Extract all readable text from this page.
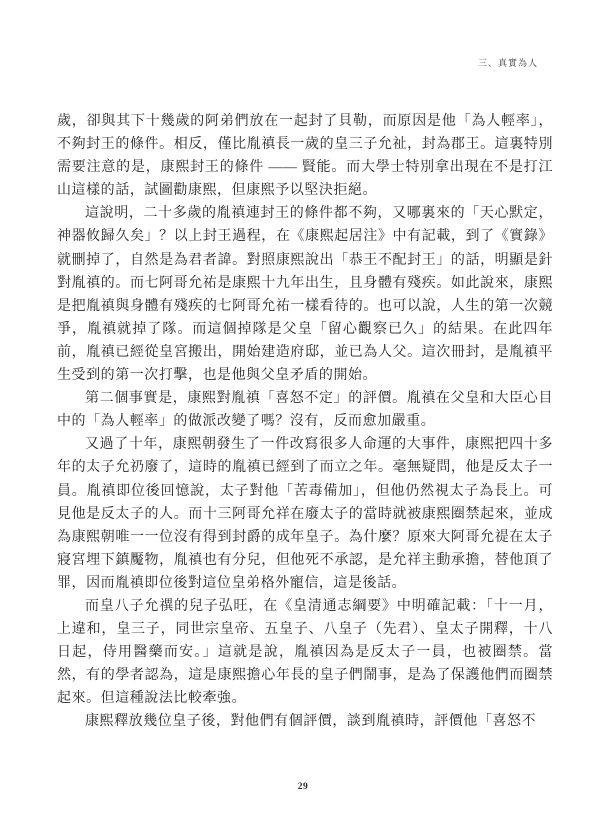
三、真實為人

歲，卻與其下十幾歲的阿弟們放在一起封了貝勒，而原因是他「為人輕率」，不夠封王的條件。相反，僅比胤禛長一歲的皇三子允祉，封為郡王。這裏特別需要注意的是，康熙封王的條件 —— 賢能。而大學士特別拿出現在不是打江山這樣的話，試圖勸康熙，但康熙予以堅決拒絕。

這說明，二十多歲的胤禛連封王的條件都不夠，又哪裏來的「天心默定，神器攸歸久矣」？以上封王過程，在《康熙起居注》中有記載，到了《實錄》就刪掉了，自然是為君者諱。對照康熙說出「恭王不配封王」的話，明顯是針對胤禛的。而七阿哥允祐是康熙十九年出生，且身體有殘疾。如此說來，康熙是把胤禛與身體有殘疾的七阿哥允祐一樣看待的。也可以說，人生的第一次競爭，胤禛就掉了隊。而這個掉隊是父皇「留心觀察已久」的結果。在此四年前，胤禛已經從皇宮搬出，開始建造府邸，並已為人父。這次冊封，是胤禛平生受到的第一次打擊，也是他與父皇矛盾的開始。

第二個事實是，康熙對胤禛「喜怒不定」的評價。胤禛在父皇和大臣心目中的「為人輕率」的做派改變了嗎？沒有，反而愈加嚴重。

又過了十年，康熙朝發生了一件改寫很多人命運的大事件，康熙把四十多年的太子允礽廢了，這時的胤禛已經到了而立之年。毫無疑問，他是反太子一員。胤禛即位後回憶說，太子對他「苦毒備加」，但他仍然視太子為長上。可見他是反太子的人。而十三阿哥允祥在廢太子的當時就被康熙圈禁起來，並成為康熙朝唯一一位沒有得到封爵的成年皇子。為什麼？原來大阿哥允禔在太子寢宮埋下鎮魘物，胤禛也有分兒，但他死不承認，是允祥主動承擔，替他頂了罪，因而胤禛即位後對這位皇弟格外寵信，這是後話。

而皇八子允禩的兒子弘旺，在《皇清通志綱要》中明確記載：「十一月，上違和，皇三子，同世宗皇帝、五皇子、八皇子（先君）、皇太子開釋，十八日起，侍用醫藥而安。」這就是說，胤禛因為是反太子一員，也被圈禁。當然，有的學者認為，這是康熙擔心年長的皇子們鬧事，是為了保護他們而圈禁起來。但這種說法比較牽強。

康熙釋放幾位皇子後，對他們有個評價，談到胤禛時，評價他「喜怒不

29
